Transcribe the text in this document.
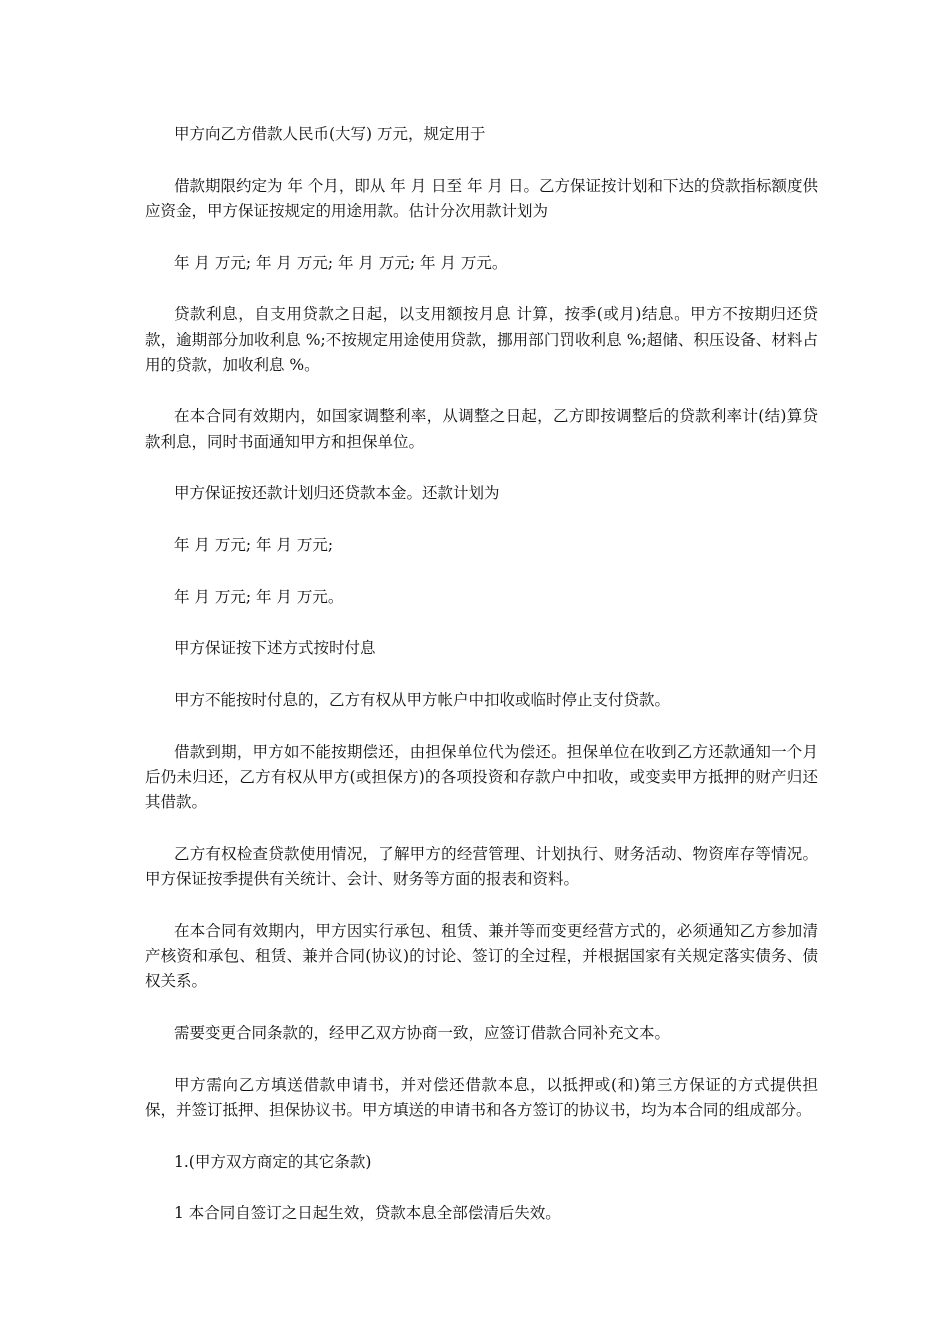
甲方向乙方借款人民币(大写) 万元，规定用于

借款期限约定为 年 个月，即从 年 月 日至 年 月 日。乙方保证按计划和下达的贷款指标额度供应资金，甲方保证按规定的用途用款。估计分次用款计划为

年 月 万元; 年 月 万元; 年 月 万元; 年 月 万元。

贷款利息，自支用贷款之日起，以支用额按月息 计算，按季(或月)结息。甲方不按期归还贷款，逾期部分加收利息 %;不按规定用途使用贷款，挪用部门罚收利息 %;超储、积压设备、材料占用的贷款，加收利息 %。

在本合同有效期内，如国家调整利率，从调整之日起，乙方即按调整后的贷款利率计(结)算贷款利息，同时书面通知甲方和担保单位。

甲方保证按还款计划归还贷款本金。还款计划为

年 月 万元; 年 月 万元;

年 月 万元; 年 月 万元。

甲方保证按下述方式按时付息

甲方不能按时付息的，乙方有权从甲方帐户中扣收或临时停止支付贷款。

借款到期，甲方如不能按期偿还，由担保单位代为偿还。担保单位在收到乙方还款通知一个月后仍未归还，乙方有权从甲方(或担保方)的各项投资和存款户中扣收，或变卖甲方抵押的财产归还其借款。

乙方有权检查贷款使用情况，了解甲方的经营管理、计划执行、财务活动、物资库存等情况。甲方保证按季提供有关统计、会计、财务等方面的报表和资料。

在本合同有效期内，甲方因实行承包、租赁、兼并等而变更经营方式的，必须通知乙方参加清产核资和承包、租赁、兼并合同(协议)的讨论、签订的全过程，并根据国家有关规定落实债务、债权关系。

需要变更合同条款的，经甲乙双方协商一致，应签订借款合同补充文本。

甲方需向乙方填送借款申请书，并对偿还借款本息，以抵押或(和)第三方保证的方式提供担保，并签订抵押、担保协议书。甲方填送的申请书和各方签订的协议书，均为本合同的组成部分。

1.(甲方双方商定的其它条款)

1 本合同自签订之日起生效，贷款本息全部偿清后失效。
